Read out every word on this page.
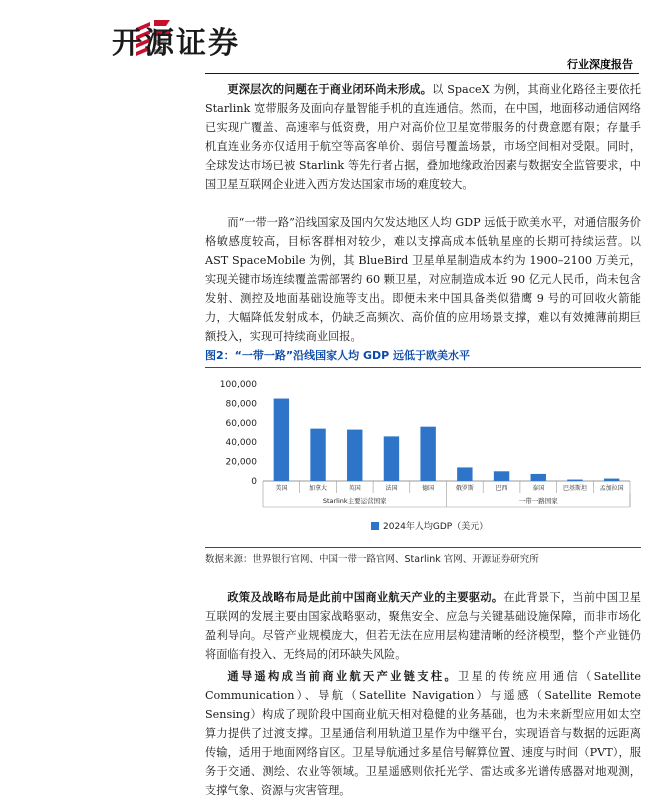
开源证券
行业深度报告

更深层次的问题在于商业闭环尚未形成。以 SpaceX 为例，其商业化路径主要依托 Starlink 宽带服务及面向存量智能手机的直连通信。然而，在中国，地面移动通信网络已实现广覆盖、高速率与低资费，用户对高价位卫星宽带服务的付费意愿有限；存量手机直连业务亦仅适用于航空等高客单价、弱信号覆盖场景，市场空间相对受限。同时，全球发达市场已被 Starlink 等先行者占据，叠加地缘政治因素与数据安全监管要求，中国卫星互联网企业进入西方发达国家市场的难度较大。

而“一带一路”沿线国家及国内欠发达地区人均 GDP 远低于欧美水平，对通信服务价格敏感度较高，目标客群相对较少，难以支撑高成本低轨星座的长期可持续运营。以 AST SpaceMobile 为例，其 BlueBird 卫星单星制造成本约为 1900–2100 万美元，实现关键市场连续覆盖需部署约 60 颗卫星，对应制造成本近 90 亿元人民币，尚未包含发射、测控及地面基础设施等支出。即便未来中国具备类似猎鹰 9 号的可回收火箭能力，大幅降低发射成本，仍缺乏高频次、高价值的应用场景支撑，难以有效摊薄前期巨额投入，实现可持续商业回报。

图2：“一带一路”沿线国家人均 GDP 远低于欧美水平
0
20,000
40,000
60,000
80,000
100,000
美国	加拿大	英国	法国	德国	俄罗斯	巴西	泰国	巴基斯坦 孟加拉国
Starlink主要运营国家	一带一路国家
2024年人均GDP（美元）
数据来源：世界银行官网、中国一带一路官网、Starlink 官网、开源证券研究所

政策及战略布局是此前中国商业航天产业的主要驱动。在此背景下，当前中国卫星互联网的发展主要由国家战略驱动，聚焦安全、应急与关键基础设施保障，而非市场化盈利导向。尽管产业规模庞大，但若无法在应用层构建清晰的经济模型，整个产业链仍将面临有投入、无终局的闭环缺失风险。

通导遥构成当前商业航天产业链支柱。卫星的传统应用通信（Satellite Communication）、导航（Satellite Navigation）与遥感（Satellite Remote Sensing）构成了现阶段中国商业航天相对稳健的业务基础，也为未来新型应用如太空算力提供了过渡支撑。卫星通信利用轨道卫星作为中继平台，实现语音与数据的远距离传输，适用于地面网络盲区。卫星导航通过多星信号解算位置、速度与时间（PVT），服务于交通、测绘、农业等领域。卫星遥感则依托光学、雷达或多光谱传感器对地观测，支撑气象、资源与灾害管理。
